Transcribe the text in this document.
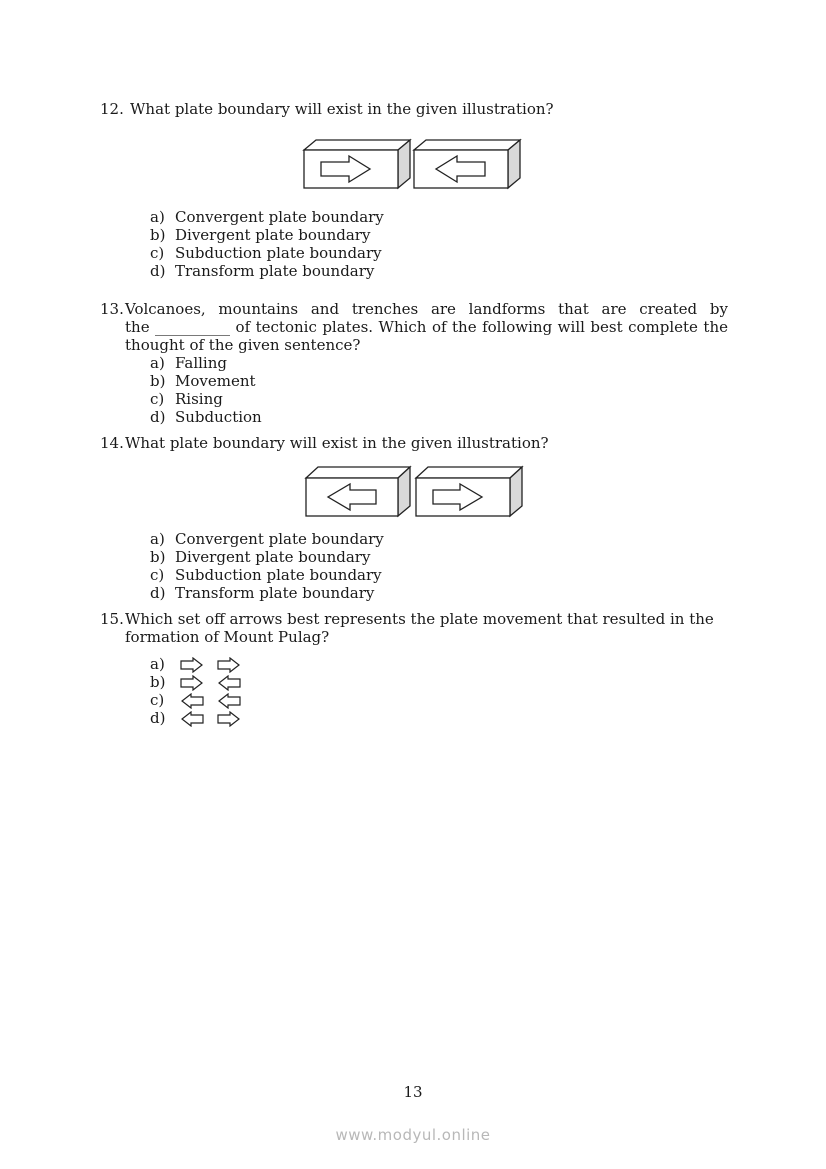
12. What plate boundary will exist in the given illustration?
a) Convergent plate boundary
b) Divergent plate boundary
c) Subduction plate boundary
d) Transform plate boundary
13. Volcanoes, mountains and trenches are landforms that are created by
the __________ of tectonic plates. Which of the following will best complete the
thought of the given sentence?
a) Falling
b) Movement
c) Rising
d) Subduction
14. What plate boundary will exist in the given illustration?
a) Convergent plate boundary
b) Divergent plate boundary
c) Subduction plate boundary
d) Transform plate boundary
15. Which set off arrows best represents the plate movement that resulted in the
formation of Mount Pulag?
a)
b)
c)
d)
13
www.modyul.online
